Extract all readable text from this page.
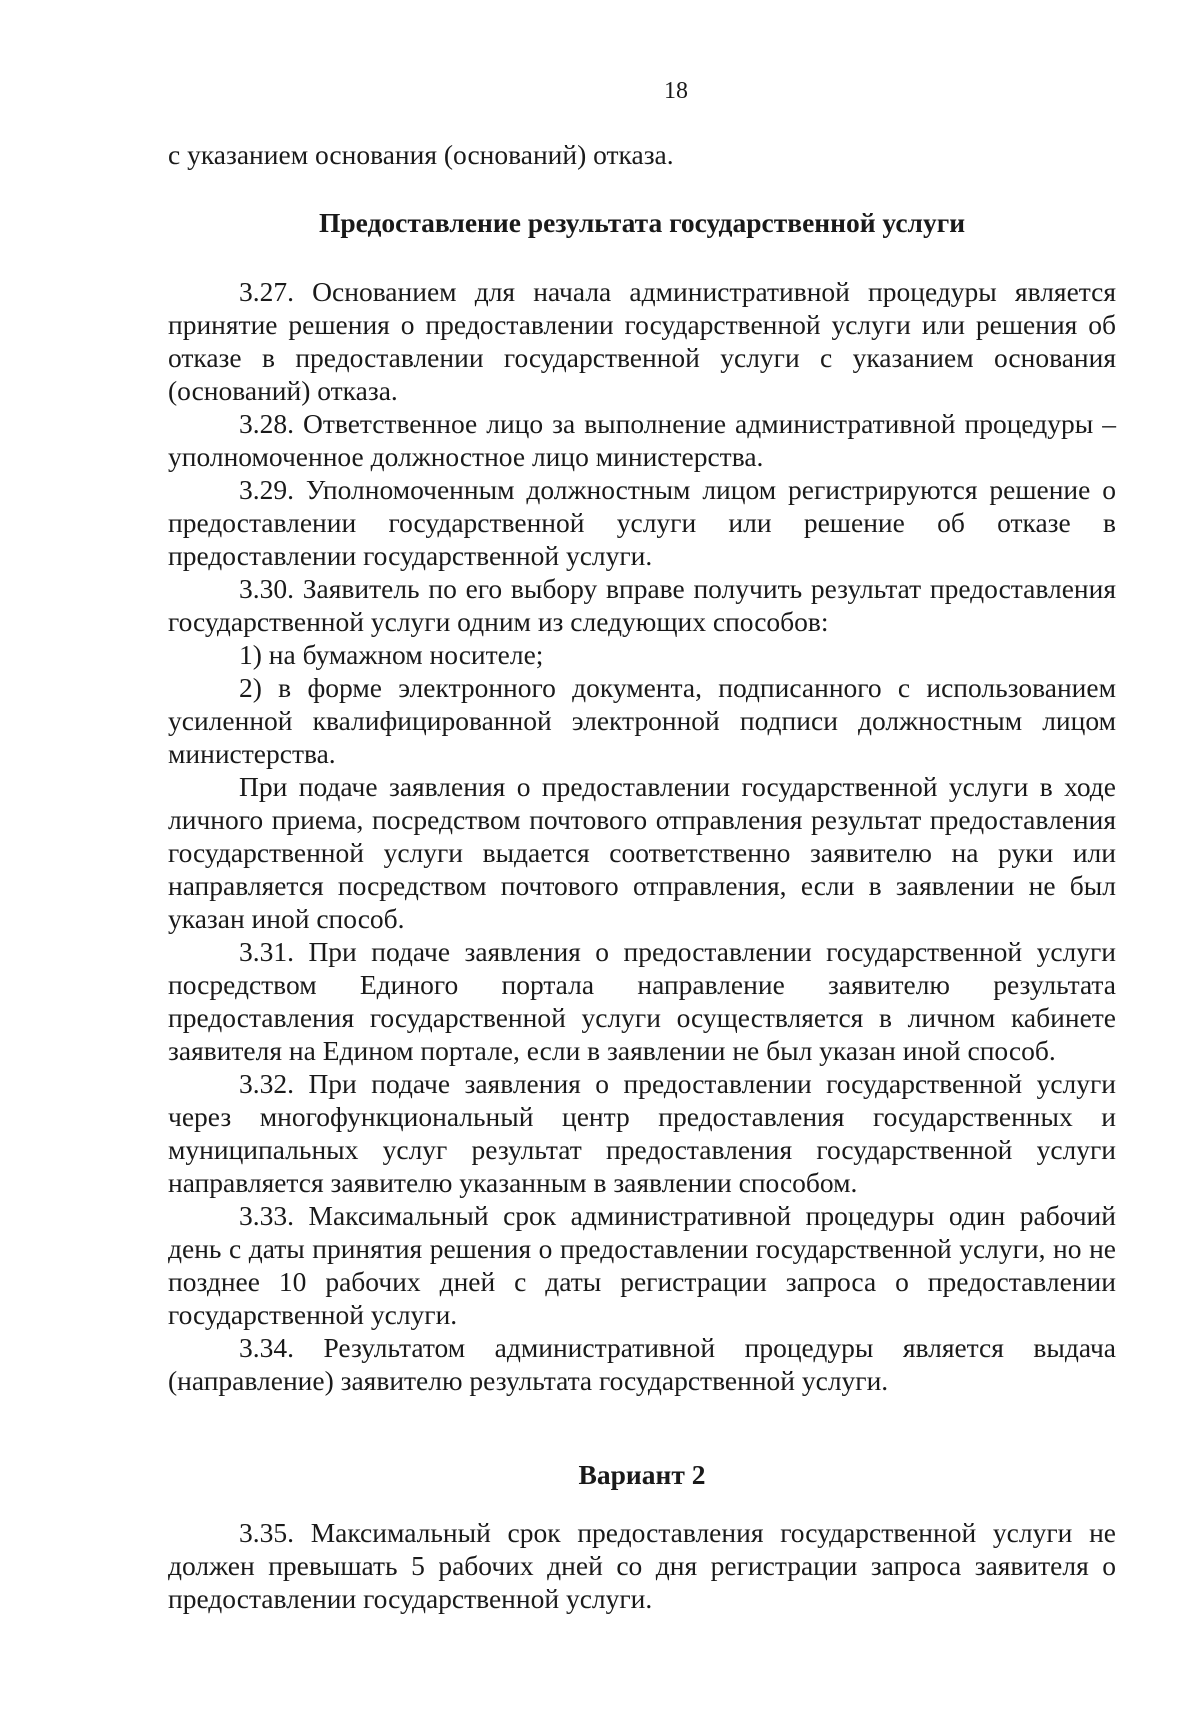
18

с указанием основания (оснований) отказа.

Предоставление результата государственной услуги

3.27. Основанием для начала административной процедуры является принятие решения о предоставлении государственной услуги или решения об отказе в предоставлении государственной услуги с указанием основания (оснований) отказа.

3.28. Ответственное лицо за выполнение административной процедуры – уполномоченное должностное лицо министерства.

3.29. Уполномоченным должностным лицом регистрируются решение о предоставлении государственной услуги или решение об отказе в предоставлении государственной услуги.

3.30. Заявитель по его выбору вправе получить результат предоставления государственной услуги одним из следующих способов:

1) на бумажном носителе;

2) в форме электронного документа, подписанного с использованием усиленной квалифицированной электронной подписи должностным лицом министерства.

При подаче заявления о предоставлении государственной услуги в ходе личного приема, посредством почтового отправления результат предоставления государственной услуги выдается соответственно заявителю на руки или направляется посредством почтового отправления, если в заявлении не был указан иной способ.

3.31. При подаче заявления о предоставлении государственной услуги посредством Единого портала направление заявителю результата предоставления государственной услуги осуществляется в личном кабинете заявителя на Едином портале, если в заявлении не был указан иной способ.

3.32. При подаче заявления о предоставлении государственной услуги через многофункциональный центр предоставления государственных и муниципальных услуг результат предоставления государственной услуги направляется заявителю указанным в заявлении способом.

3.33. Максимальный срок административной процедуры один рабочий день с даты принятия решения о предоставлении государственной услуги, но не позднее 10 рабочих дней с даты регистрации запроса о предоставлении государственной услуги.

3.34. Результатом административной процедуры является выдача (направление) заявителю результата государственной услуги.

Вариант 2

3.35. Максимальный срок предоставления государственной услуги не должен превышать 5 рабочих дней со дня регистрации запроса заявителя о предоставлении государственной услуги.
